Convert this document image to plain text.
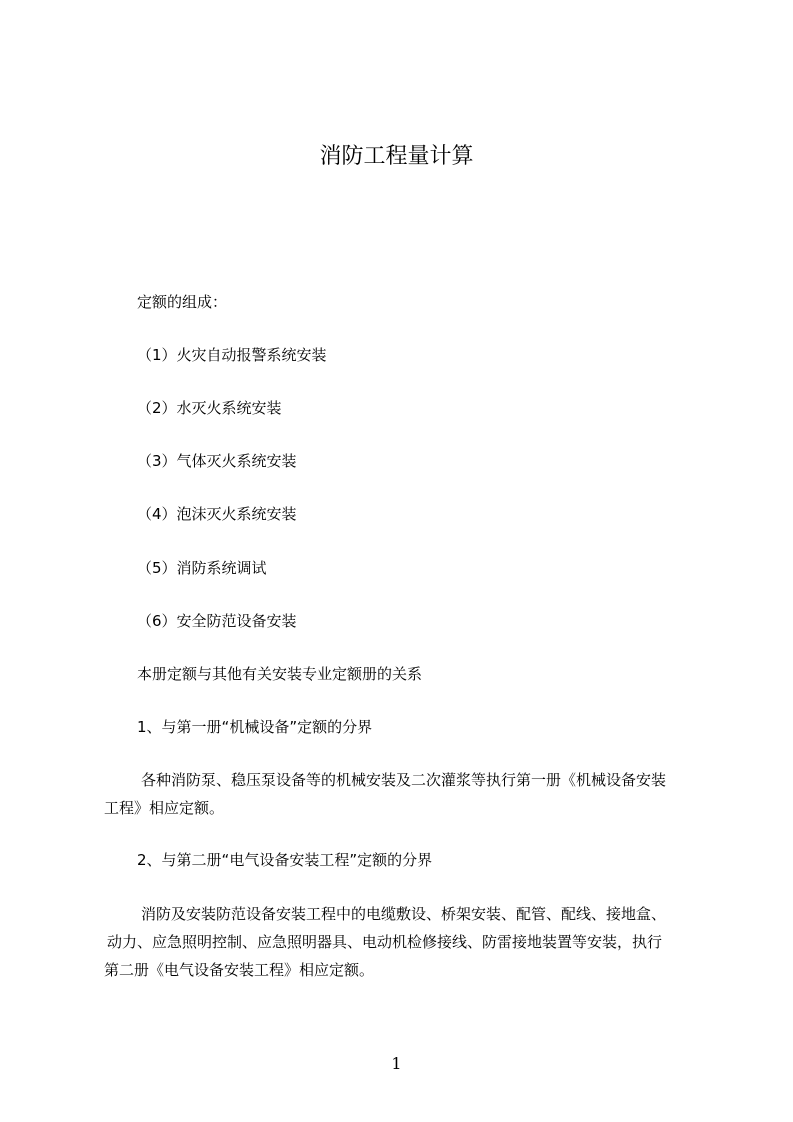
消防工程量计算
定额的组成：
（1）火灾自动报警系统安装
（2）水灭火系统安装
（3）气体灭火系统安装
（4）泡沫灭火系统安装
（5）消防系统调试
（6）安全防范设备安装
本册定额与其他有关安装专业定额册的关系
1、与第一册“机械设备”定额的分界
各种消防泵、稳压泵设备等的机械安装及二次灌浆等执行第一册《机械设备安装
工程》相应定额。
2、与第二册“电气设备安装工程”定额的分界
消防及安装防范设备安装工程中的电缆敷设、桥架安装、配管、配线、接地盒、
动力、应急照明控制、应急照明器具、电动机检修接线、防雷接地装置等安装，执行
第二册《电气设备安装工程》相应定额。
1
